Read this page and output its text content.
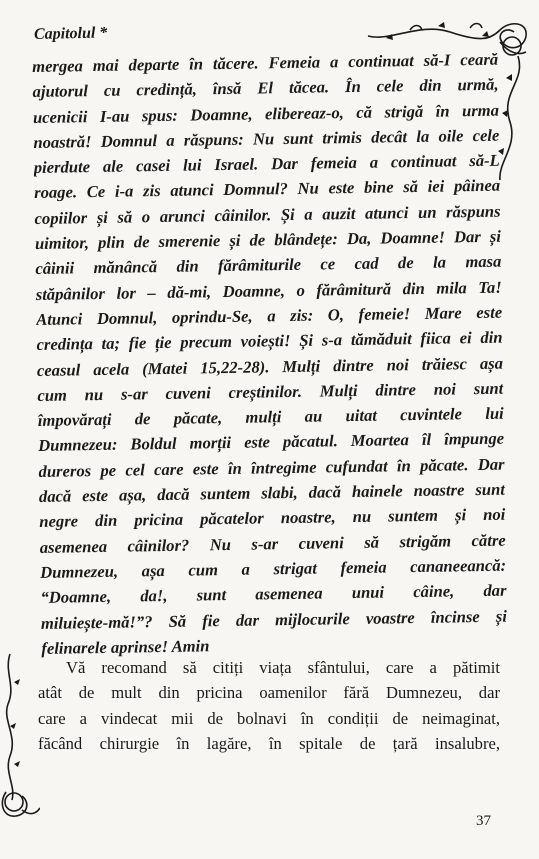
Capitolul *
mergea mai departe în tăcere. Femeia a continuat să-I ceară
ajutorul cu credință, însă El tăcea. În cele din urmă,
ucenicii I-au spus: Doamne, elibereaz-o, că strigă în urma
noastră! Domnul a răspuns: Nu sunt trimis decât la oile cele
pierdute ale casei lui Israel. Dar femeia a continuat să-L
roage. Ce i-a zis atunci Domnul? Nu este bine să iei pâinea
copiilor și să o arunci câinilor. Și a auzit atunci un răspuns
uimitor, plin de smerenie și de blândețe: Da, Doamne! Dar și
câinii mănâncă din fărâmiturile ce cad de la masa
stăpânilor lor – dă-mi, Doamne, o fărâmitură din mila Ta!
Atunci Domnul, oprindu-Se, a zis: O, femeie! Mare este
credința ta; fie ție precum voiești! Și s-a tămăduit fiica ei din
ceasul acela (Matei 15,22-28). Mulți dintre noi trăiesc așa
cum nu s-ar cuveni creștinilor. Mulți dintre noi sunt
împovărați de păcate, mulți au uitat cuvintele lui
Dumnezeu: Boldul morții este păcatul. Moartea îl împunge
dureros pe cel care este în întregime cufundat în păcate. Dar
dacă este așa, dacă suntem slabi, dacă hainele noastre sunt
negre din pricina păcatelor noastre, nu suntem și noi
asemenea câinilor? Nu s-ar cuveni să strigăm către
Dumnezeu, așa cum a strigat femeia cananeeancă:
“Doamne, da!, sunt asemenea unui câine, dar
miluiește-mă!”? Să fie dar mijlocurile voastre încinse și
felinarele aprinse! Amin
Vă recomand să citiți viața sfântului, care a pătimit
atât de mult din pricina oamenilor fără Dumnezeu, dar
care a vindecat mii de bolnavi în condiții de neimaginat,
făcând chirurgie în lagăre, în spitale de țară insalubre,
37
